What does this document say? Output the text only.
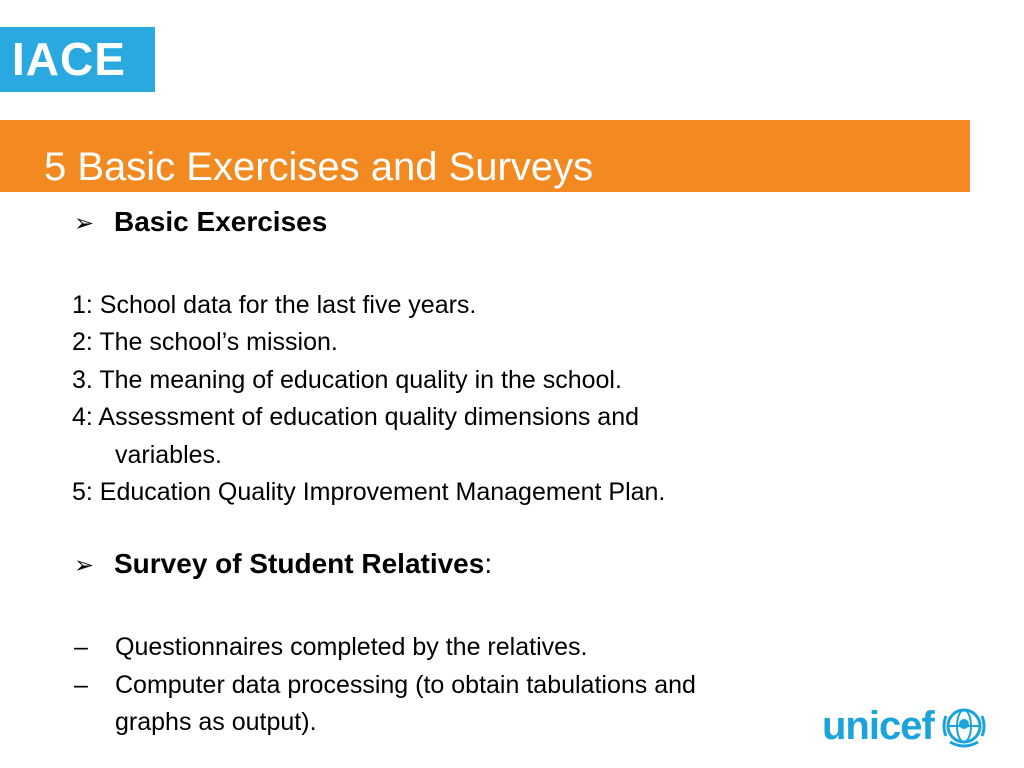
IACE
5 Basic Exercises and Surveys
➢ Basic Exercises
1: School data for the last five years.
2: The school’s mission.
3. The meaning of education quality in the school.
4: Assessment of education quality dimensions and
variables.
5: Education Quality Improvement Management Plan.
➢ Survey of Student Relatives:
– Questionnaires completed by the relatives.
– Computer data processing (to obtain tabulations and
graphs as output).	unicef
